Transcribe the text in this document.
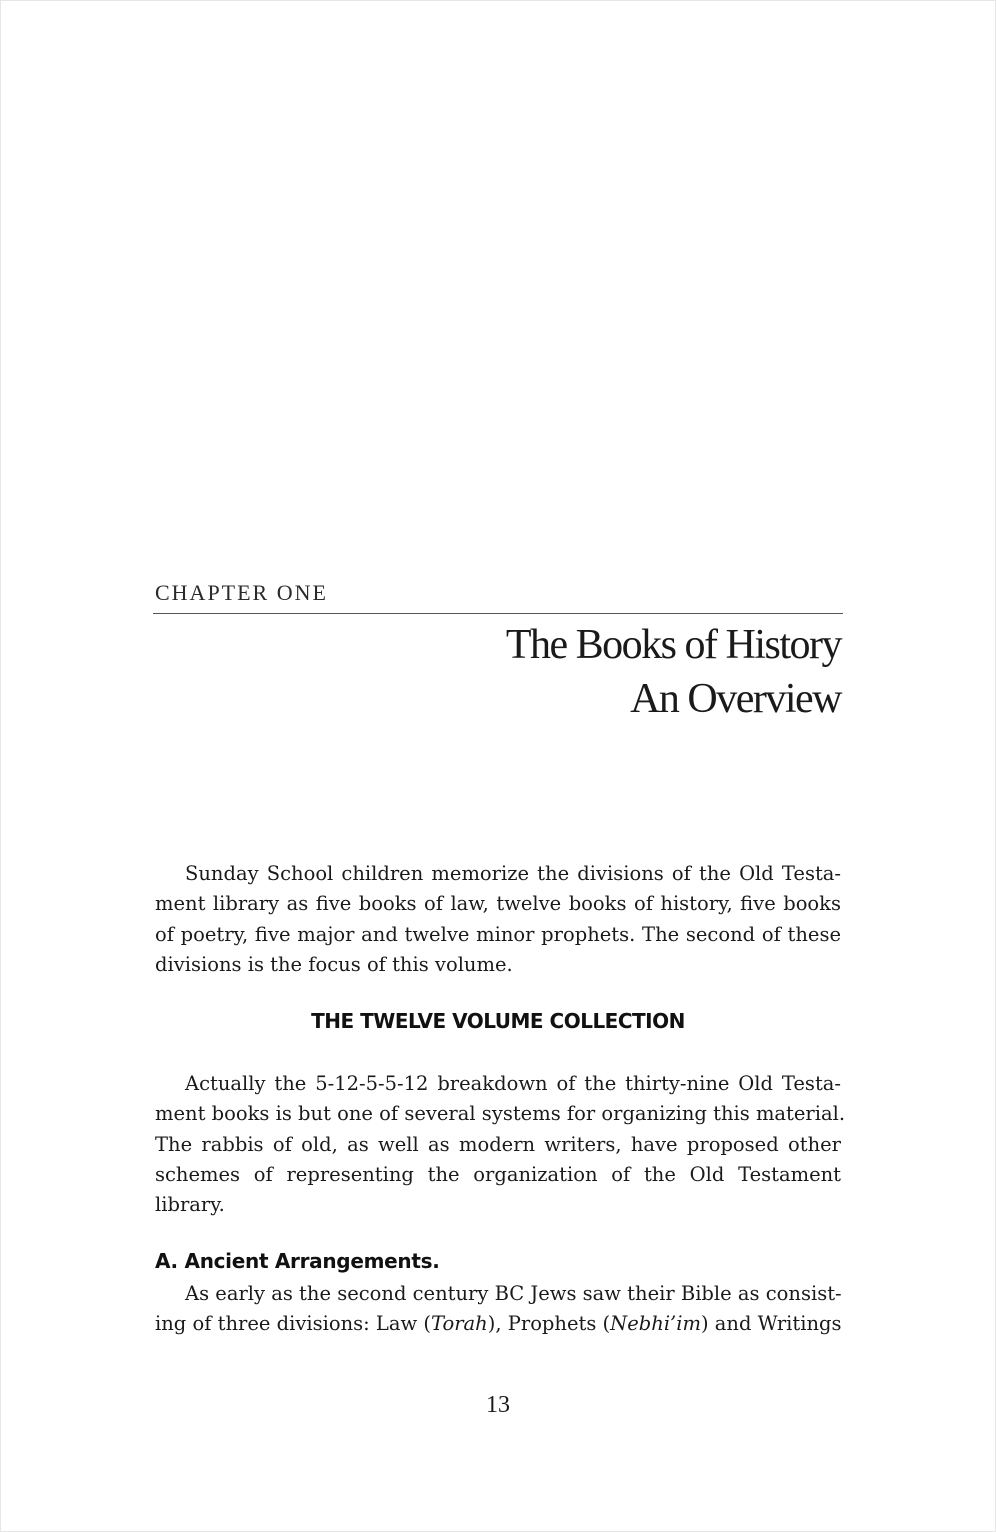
CHAPTER ONE
The Books of History
An Overview
Sunday School children memorize the divisions of the Old Testa-
ment library as five books of law, twelve books of history, five books
of poetry, five major and twelve minor prophets. The second of these
divisions is the focus of this volume.
THE TWELVE VOLUME COLLECTION
Actually the 5-12-5-5-12 breakdown of the thirty-nine Old Testa-
ment books is but one of several systems for organizing this material.
The rabbis of old, as well as modern writers, have proposed other
schemes of representing the organization of the Old Testament
library.
A. Ancient Arrangements.
As early as the second century BC Jews saw their Bible as consist-
ing of three divisions: Law (Torah), Prophets (Nebhi’im) and Writings
13
